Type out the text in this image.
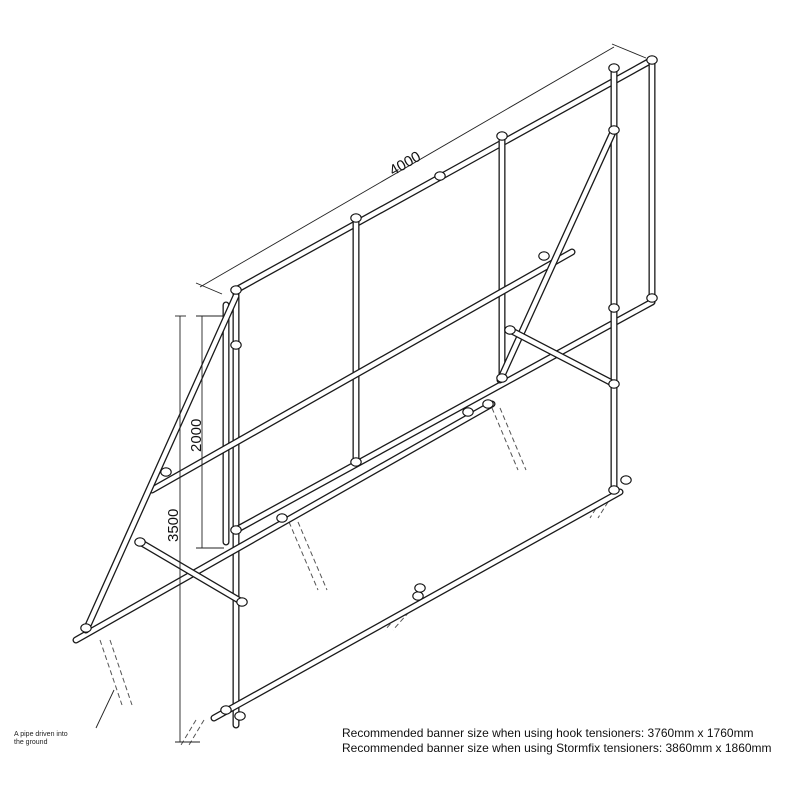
4000
2000
3500
A pipe driven into
the ground
Recommended banner size when using hook tensioners: 3760mm x 1760mm
Recommended banner size when using Stormfix tensioners: 3860mm x 1860mm
